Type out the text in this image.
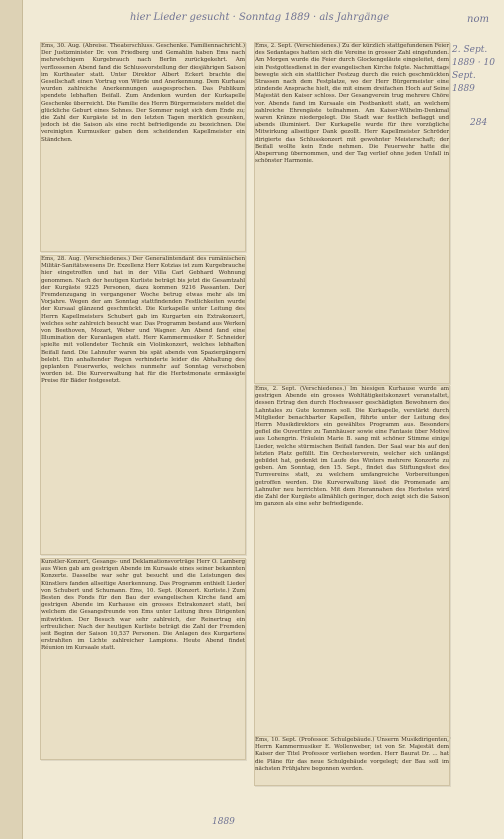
hier Lieder gesucht · Sonntag 1889 · als Jahrgänge	nom
2. Sept. 1889 · 10 Sept. 1889
284
1889

Ems, 30. Aug. (Abreise. Theaterschluss. Geschenke. Familiennachricht.) Der Justizminister Dr. von Friedberg und Gemahlin haben Ems nach mehrwöchigem Kurgebrauch nach Berlin zurückgekehrt. Am verflossenen Abend fand die Schlussvorstellung der diesjährigen Saison im Kurtheater statt. Unter Direktor Albert Eckert brachte die Gesellschaft einen Vortrag von Würde und Anerkennung. Dem Kurhaus wurden zahlreiche Anerkennungen ausgesprochen. Das Publikum spendete lebhaften Beifall. Zum Andenken wurden der Kurkapelle Geschenke überreicht. Die Familie des Herrn Bürgermeisters meldet die glückliche Geburt eines Sohnes. Der Sommer neigt sich dem Ende zu; die Zahl der Kurgäste ist in den letzten Tagen merklich gesunken, jedoch ist die Saison als eine recht befriedigende zu bezeichnen. Die vereinigten Kurmusiker gaben dem scheidenden Kapellmeister ein Ständchen.

Ems, 28. Aug. (Verschiedenes.) Der Generalintendant des rumänischen Militär-Sanitätswesens Dr. Exzellenz Herr Kotzias ist zum Kurgebrauche hier eingetroffen und hat in der Villa Carl Gebhard Wohnung genommen. Nach der heutigen Kurliste beträgt bis jetzt die Gesamtzahl der Kurgäste 9225 Personen, dazu kommen 9216 Passanten. Der Fremdenzugang in vergangener Woche betrug etwas mehr als im Vorjahre. Wegen der am Sonntag stattfindenden Festlichkeiten wurde der Kursaal glänzend geschmückt. Die Kurkapelle unter Leitung des Herrn Kapellmeisters Schubert gab im Kurgarten ein Extrakonzert, welches sehr zahlreich besucht war. Das Programm bestand aus Werken von Beethoven, Mozart, Weber und Wagner. Am Abend fand eine Illumination der Kuranlagen statt. Herr Kammermusiker F. Schneider spielte mit vollendeter Technik ein Violinkonzert, welches lebhaften Beifall fand. Die Lahnufer waren bis spät abends von Spaziergängern belebt. Ein anhaltender Regen verhinderte leider die Abhaltung des geplanten Feuerwerks, welches nunmehr auf Sonntag verschoben worden ist. Die Kurverwaltung hat für die Herbstmonate ermässigte Preise für Bäder festgesetzt.

Kunstler-Konzert, Gesangs- und Deklamationsvorträge Herr O. Lamberg aus Wien gab am gestrigen Abende im Kursaale eines seiner bekannten Konzerte. Dasselbe war sehr gut besucht und die Leistungen des Künstlers fanden allseitige Anerkennung. Das Programm enthielt Lieder von Schubert und Schumann. Ems, 10. Sept. (Konzert. Kurliste.) Zum Besten des Fonds für den Bau der evangelischen Kirche fand am gestrigen Abende im Kurhause ein grosses Extrakonzert statt, bei welchem die Gesangsfreunde von Ems unter Leitung ihres Dirigenten mitwirkten. Der Besuch war sehr zahlreich, der Reinertrag ein erfreulicher. Nach der heutigen Kurliste beträgt die Zahl der Fremden seit Beginn der Saison 10,537 Personen. Die Anlagen des Kurgartens erstrahlten im Lichte zahlreicher Lampions. Heute Abend findet Réunion im Kursaale statt.

Ems, 2. Sept. (Verschiedenes.) Zu der kürzlich stattgefundenen Feier des Sedantages hatten sich die Vereine in grosser Zahl eingefunden. Am Morgen wurde die Feier durch Glockengeläute eingeleitet, dem ein Festgottesdienst in der evangelischen Kirche folgte. Nachmittags bewegte sich ein stattlicher Festzug durch die reich geschmückten Strassen nach dem Festplatze, wo der Herr Bürgermeister eine zündende Ansprache hielt, die mit einem dreifachen Hoch auf Seine Majestät den Kaiser schloss. Der Gesangverein trug mehrere Chöre vor. Abends fand im Kursaale ein Festbankett statt, an welchem zahlreiche Ehrengäste teilnahmen. Am Kaiser-Wilhelm-Denkmal waren Kränze niedergelegt. Die Stadt war festlich beflaggt und abends illuminiert. Der Kurkapelle wurde für ihre vorzügliche Mitwirkung allseitiger Dank gezollt. Herr Kapellmeister Schröder dirigierte das Schlusskonzert mit gewohnter Meisterschaft; der Beifall wollte kein Ende nehmen. Die Feuerwehr hatte die Absperrung übernommen, und der Tag verlief ohne jeden Unfall in schönster Harmonie.

Ems, 2. Sept. (Verschiedenes.) Im hiesigen Kurhause wurde am gestrigen Abende ein grosses Wohltätigkeitskonzert veranstaltet, dessen Ertrag den durch Hochwasser geschädigten Bewohnern des Lahntales zu Gute kommen soll. Die Kurkapelle, verstärkt durch Mitglieder benachbarter Kapellen, führte unter der Leitung des Herrn Musikdirektors ein gewähltes Programm aus. Besonders gefiel die Ouvertüre zu Tannhäuser sowie eine Fantasie über Motive aus Lohengrin. Fräulein Marie B. sang mit schöner Stimme einige Lieder, welche stürmischen Beifall fanden. Der Saal war bis auf den letzten Platz gefüllt. Ein Orchesterverein, welcher sich unlängst gebildet hat, gedenkt im Laufe des Winters mehrere Konzerte zu geben. Am Sonntag, den 15. Sept., findet das Stiftungsfest des Turnvereins statt, zu welchem umfangreiche Vorbereitungen getroffen werden. Die Kurverwaltung lässt die Promenade am Lahnufer neu herrichten. Mit dem Herannahen des Herbstes wird die Zahl der Kurgäste allmählich geringer, doch zeigt sich die Saison im ganzen als eine sehr befriedigende.

Ems, 10. Sept. (Professor. Schulgebäude.) Unserm Musikdirigenten, Herrn Kammermusiker E. Wollenweber, ist von Sr. Majestät dem Kaiser der Titel Professor verliehen worden. Herr Baurat Dr. ... hat die Pläne für das neue Schulgebäude vorgelegt; der Bau soll im nächsten Frühjahre begonnen werden.
